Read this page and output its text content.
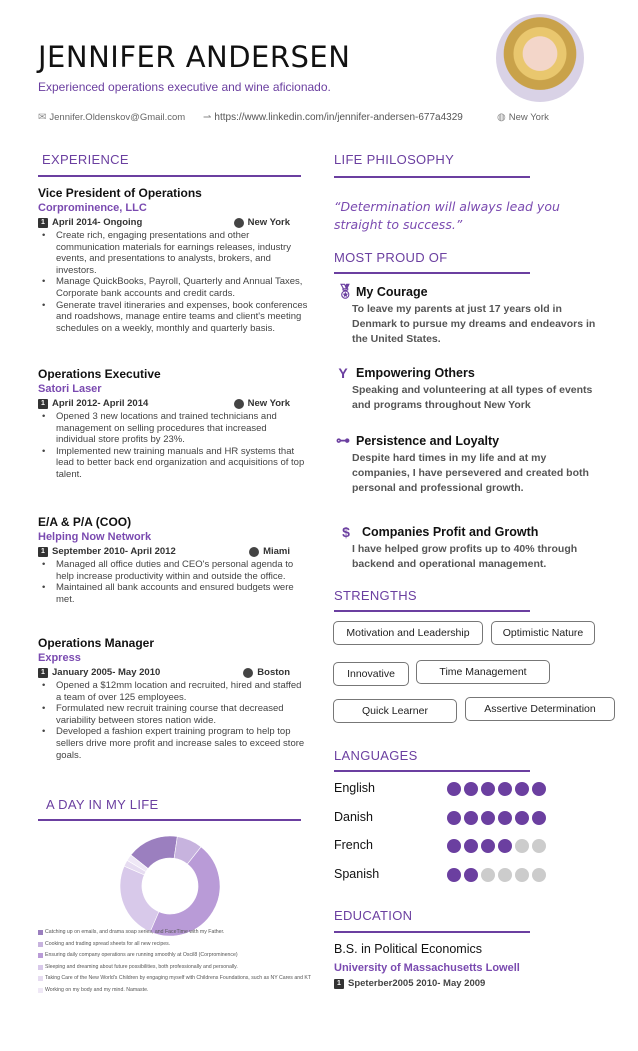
JENNIFER ANDERSEN
Experienced operations executive and wine aficionado.
✉ Jennifer.Oldenskov@Gmail.com ⇀ https://www.linkedin.com/in/jennifer-andersen-677a4329	◍ New York
EXPERIENCE
Vice President of Operations
Corprominence, LLC
1 April 2014- Ongoing	New York
• Create rich, engaging presentations and other communication materials for earnings releases, industry events, and presentations to analysts, brokers, and investors.
• Manage QuickBooks, Payroll, Quarterly and Annual Taxes, Corporate bank accounts and credit cards.
• Generate travel itineraries and expenses, book conferences and roadshows, manage entire teams and client's meeting schedules on a weekly, monthly and quarterly basis.
Operations Executive
Satori Laser
1 April 2012- April 2014	New York
• Opened 3 new locations and trained technicians and management on selling procedures that increased individual store profits by 23%.
• Implemented new training manuals and HR systems that lead to better back end organization and acquisitions of top talent.
E/A & P/A (COO)
Helping Now Network
1 September 2010- April 2012	Miami
• Managed all office duties and CEO's personal agenda to help increase productivity within and outside the office.
• Maintained all bank accounts and ensured budgets were met.
Operations Manager
Express
1 January 2005- May 2010	Boston
• Opened a $12mm location and recruited, hired and staffed a team of over 125 employees.
• Formulated new recruit training course that decreased variability between stores nation wide.
• Developed a fashion expert training program to help top sellers drive more profit and increase sales to exceed store goals.
A DAY IN MY LIFE
Catching up on emails, and drama soap series, and FaceTime with my Father.
Cooking and trading spread sheets for all new recipes.
Ensuring daily company operations are running smoothly at Oscil8 (Corprominence)
Sleeping and dreaming about future possibilities, both professionally and personally.
Taking Care of the New World's Children by engaging myself with Childrens Foundations, such as NY Cares and KT
Working on my body and my mind. Namaste.
LIFE PHILOSOPHY
“Determination will always lead you straight to success.”
MOST PROUD OF
🏅︎ My Courage
To leave my parents at just 17 years old in Denmark to pursue my dreams and endeavors in the United States.
Y Empowering Others
Speaking and volunteering at all types of events and programs throughout New York
⊶ Persistence and Loyalty
Despite hard times in my life and at my companies, I have persevered and created both personal and professional growth.
$ Companies Profit and Growth
I have helped grow profits up to 40% through backend and operational management.
STRENGTHS
Motivation and Leadership	Optimistic Nature
Innovative	Time Management
Quick Learner	Assertive Determination
LANGUAGES
English
Danish
French
Spanish
EDUCATION
B.S. in Political Economics
University of Massachusetts Lowell
1 Speterber2005 2010- May 2009
